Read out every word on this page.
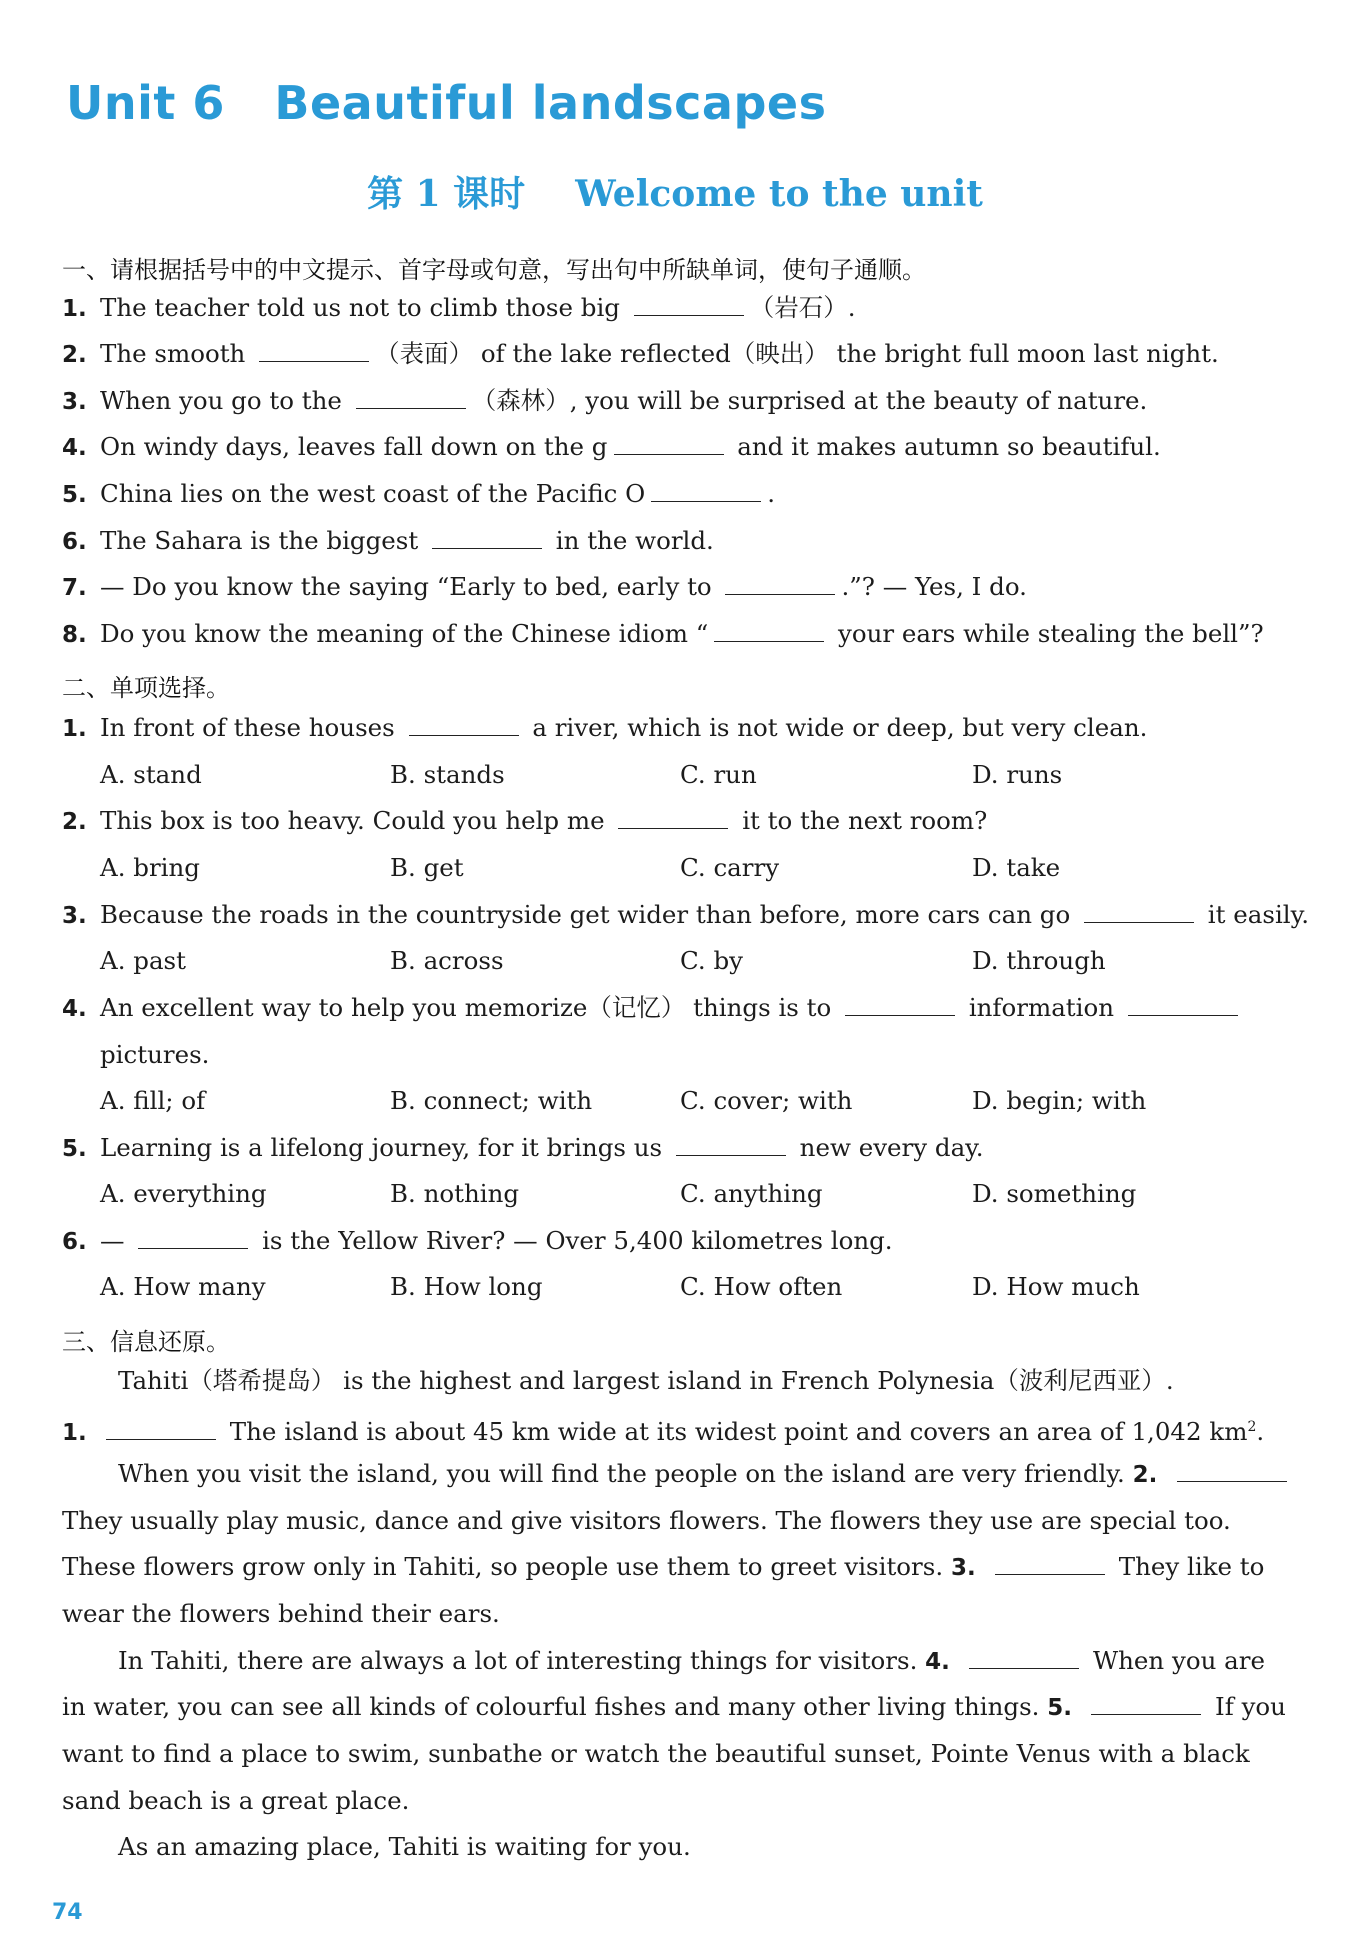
Unit 6   Beautiful landscapes
第 1 课时    Welcome to the unit
一、请根据括号中的中文提示、首字母或句意，写出句中所缺单词，使句子通顺。
1. The teacher told us not to climb those big	（岩石）.
2. The smooth	（表面） of the lake reflected（映出） the bright full moon last night.
3. When you go to the	（森林）, you will be surprised at the beauty of nature.
4. On windy days, leaves fall down on the g	and it makes autumn so beautiful.
5. China lies on the west coast of the Pacific O	.
6. The Sahara is the biggest	in the world.
7. — Do you know the saying “Early to bed, early to	.”? — Yes, I do.
8. Do you know the meaning of the Chinese idiom “	your ears while stealing the bell”?
二、单项选择。
1. In front of these houses	a river, which is not wide or deep, but very clean.
A. stand	B. stands	C. run	D. runs
2. This box is too heavy. Could you help me	it to the next room?
A. bring	B. get	C. carry	D. take
3. Because the roads in the countryside get wider than before, more cars can go	it easily.
A. past	B. across	C. by	D. through
4. An excellent way to help you memorize（记忆） things is to	information
pictures.
A. fill; of	B. connect; with	C. cover; with	D. begin; with
5. Learning is a lifelong journey, for it brings us	new every day.
A. everything	B. nothing	C. anything	D. something
6. —	is the Yellow River? — Over 5,400 kilometres long.
A. How many	B. How long	C. How often	D. How much
三、信息还原。
Tahiti（塔希提岛） is the highest and largest island in French Polynesia（波利尼西亚）.
1.	The island is about 45 km wide at its widest point and covers an area of 1,042 $km^2$.
When you visit the island, you will find the people on the island are very friendly. 2.
They usually play music, dance and give visitors flowers. The flowers they use are special too.
These flowers grow only in Tahiti, so people use them to greet visitors. 3.	They like to
wear the flowers behind their ears.
In Tahiti, there are always a lot of interesting things for visitors. 4.	When you are
in water, you can see all kinds of colourful fishes and many other living things. 5.	If you
want to find a place to swim, sunbathe or watch the beautiful sunset, Pointe Venus with a black
sand beach is a great place.
As an amazing place, Tahiti is waiting for you.
74
